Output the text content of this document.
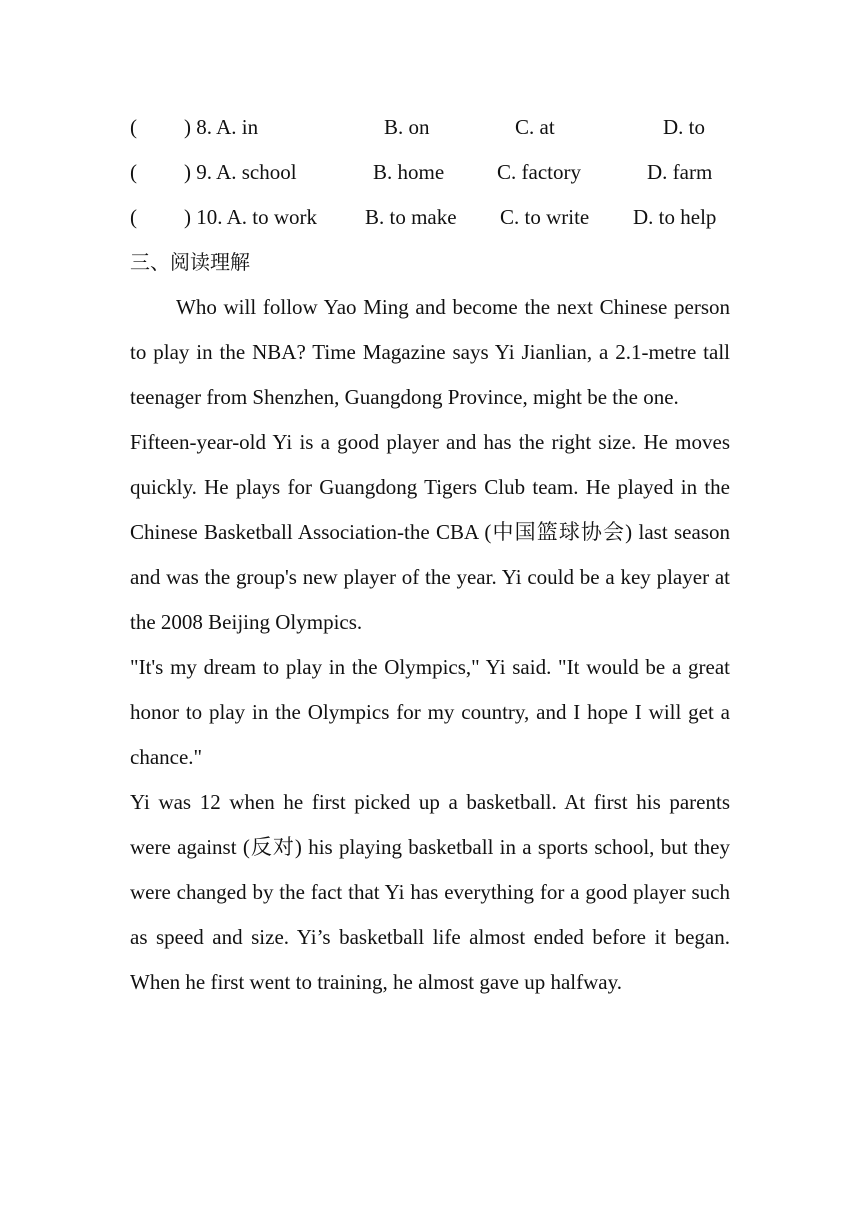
( ) 8. A. in	B. on	C. at	D. to
( ) 9. A. school	B. home	C. factory	D. farm
( ) 10. A. to work B. to make C. to write D. to help
三、阅读理解

Who will follow Yao Ming and become the next Chinese person to play in the NBA? Time Magazine says Yi Jianlian, a 2.1-metre tall teenager from Shenzhen, Guangdong Province, might be the one.

Fifteen-year-old Yi is a good player and has the right size. He moves quickly. He plays for Guangdong Tigers Club team. He played in the Chinese Basketball Association-the CBA (中国篮球协会) last season and was the group's new player of the year. Yi could be a key player at the 2008 Beijing Olympics.

"It's my dream to play in the Olympics," Yi said. "It would be a great honor to play in the Olympics for my country, and I hope I will get a chance."

Yi was 12 when he first picked up a basketball. At first his parents were against (反对) his playing basketball in a sports school, but they were changed by the fact that Yi has everything for a good player such as speed and size. Yi’s basketball life almost ended before it began. When he first went to training, he almost gave up halfway.
